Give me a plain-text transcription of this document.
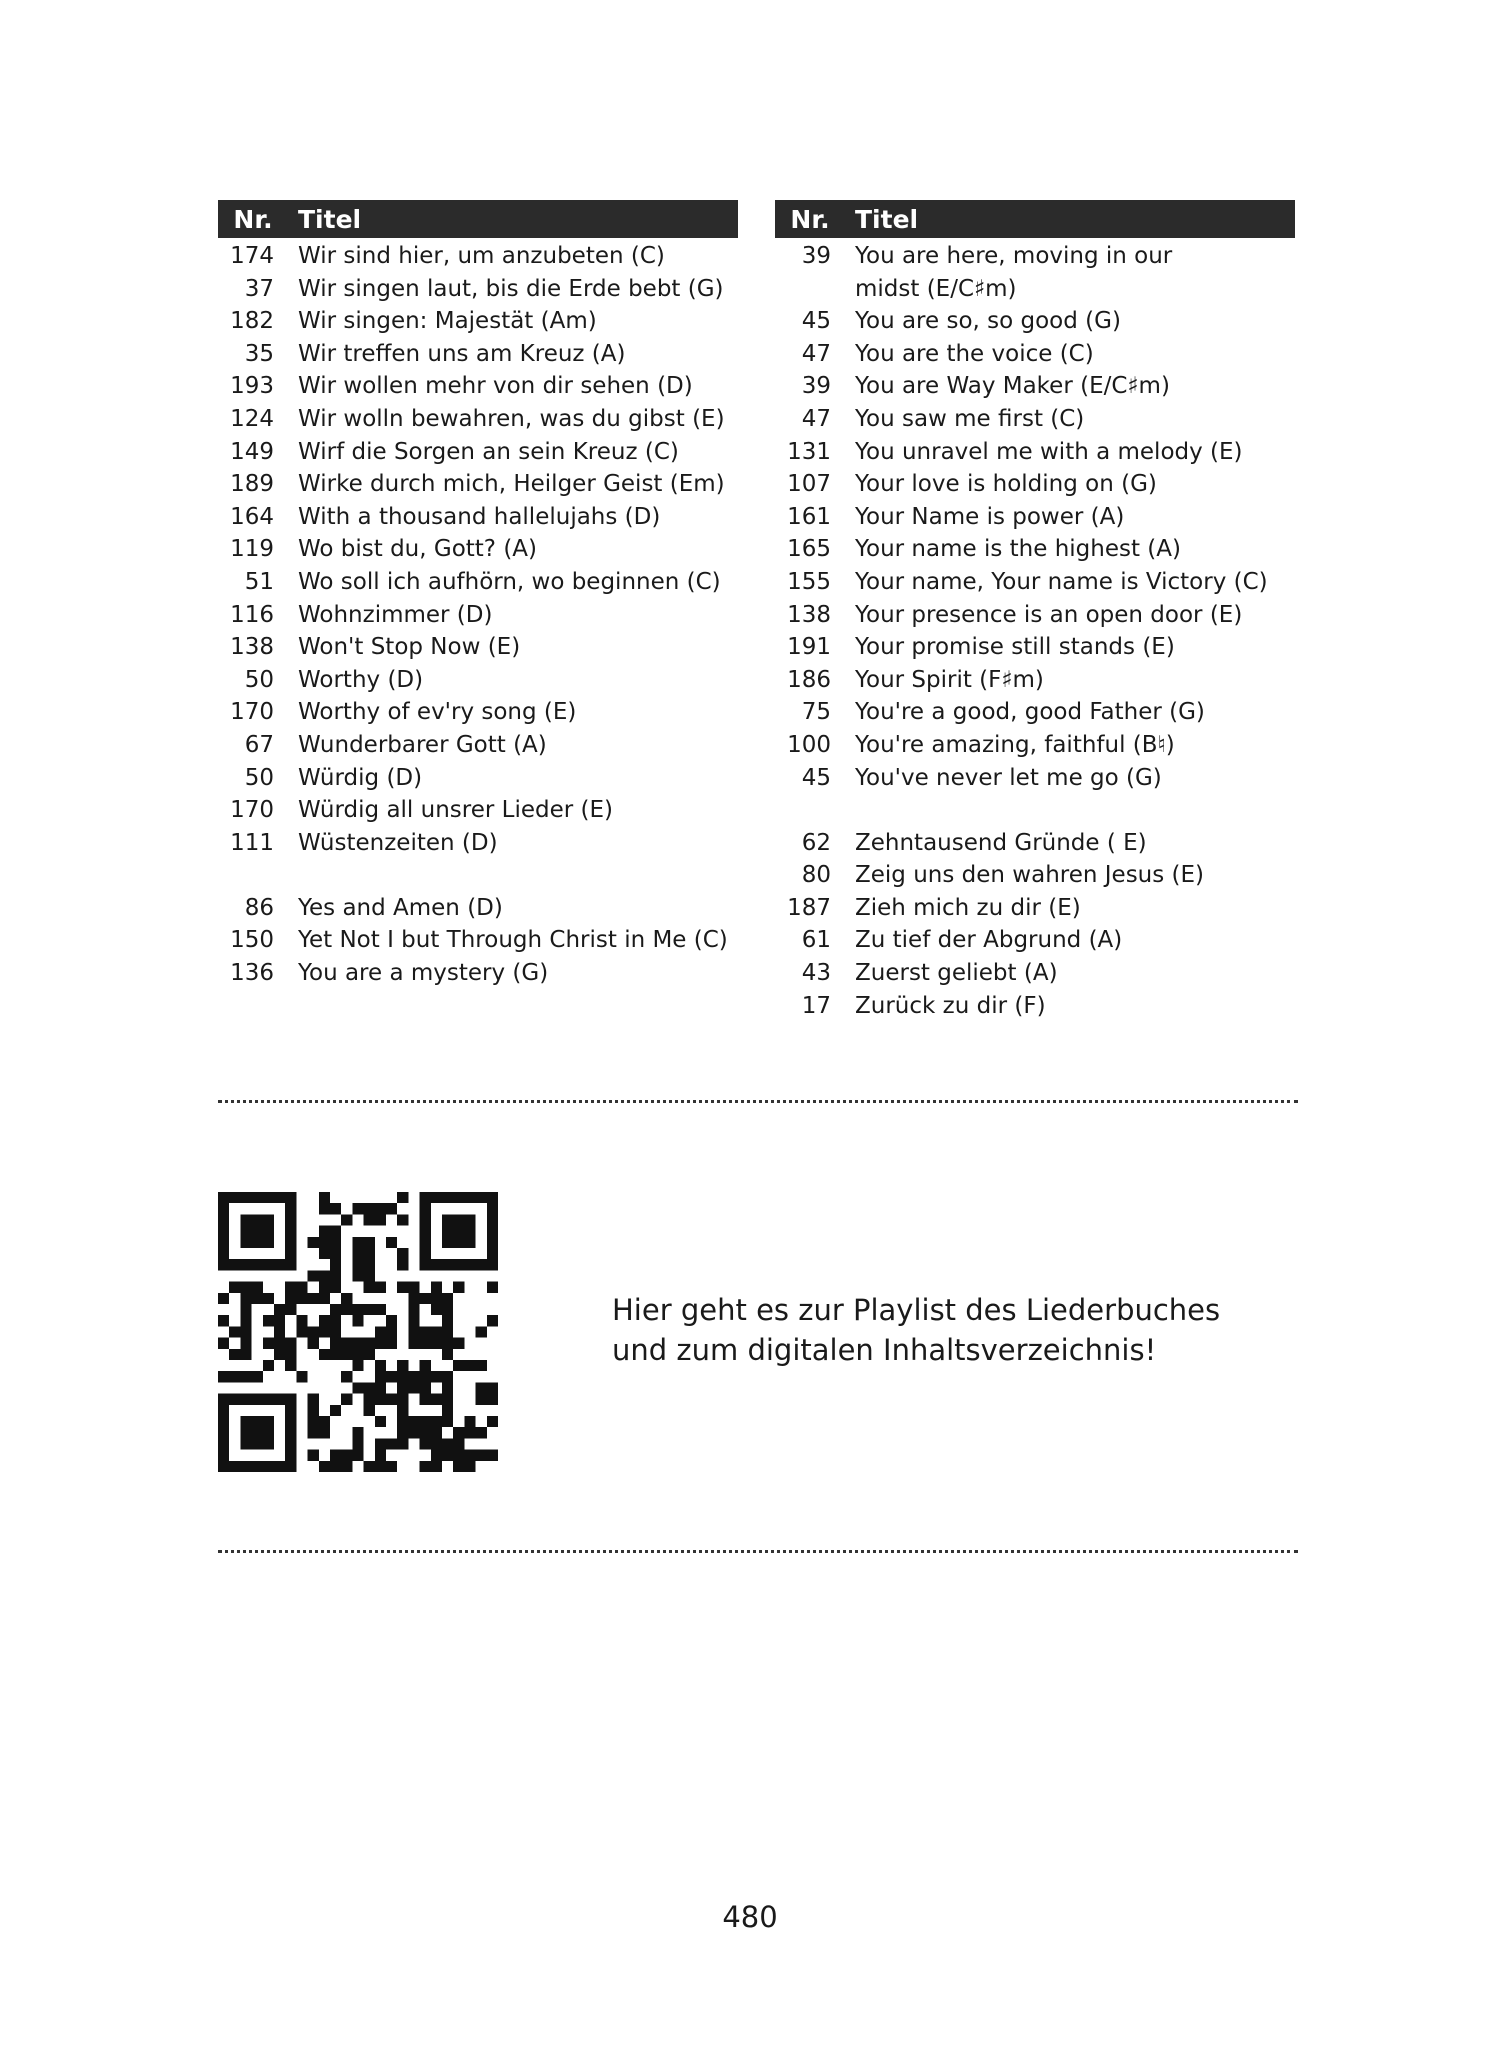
Nr.	Titel
174	Wir sind hier, um anzubeten (C)
37	Wir singen laut, bis die Erde bebt (G)
182	Wir singen: Majestät (Am)
35	Wir treffen uns am Kreuz (A)
193	Wir wollen mehr von dir sehen (D)
124	Wir wolln bewahren, was du gibst (E)
149	Wirf die Sorgen an sein Kreuz (C)
189	Wirke durch mich, Heilger Geist (Em)
164	With a thousand hallelujahs (D)
119	Wo bist du, Gott? (A)
51	Wo soll ich aufhörn, wo beginnen (C)
116	Wohnzimmer (D)
138	Won't Stop Now (E)
50	Worthy (D)
170	Worthy of ev'ry song (E)
67	Wunderbarer Gott (A)
50	Würdig (D)
170	Würdig all unsrer Lieder (E)
111	Wüstenzeiten (D)
86	Yes and Amen (D)
150	Yet Not I but Through Christ in Me (C)
136	You are a mystery (G)
Nr.	Titel
39	You are here, moving in our
midst (E/C♯m)
45	You are so, so good (G)
47	You are the voice (C)
39	You are Way Maker (E/C♯m)
47	You saw me first (C)
131	You unravel me with a melody (E)
107	Your love is holding on (G)
161	Your Name is power (A)
165	Your name is the highest (A)
155	Your name, Your name is Victory (C)
138	Your presence is an open door (E)
191	Your promise still stands (E)
186	Your Spirit (F♯m)
75	You're a good, good Father (G)
100	You're amazing, faithful (B♮)
45	You've never let me go (G)
62	Zehntausend Gründe ( E)
80	Zeig uns den wahren Jesus (E)
187	Zieh mich zu dir (E)
61	Zu tief der Abgrund (A)
43	Zuerst geliebt (A)
17	Zurück zu dir (F)
Hier geht es zur Playlist des Liederbuches
und zum digitalen Inhaltsverzeichnis!
480
